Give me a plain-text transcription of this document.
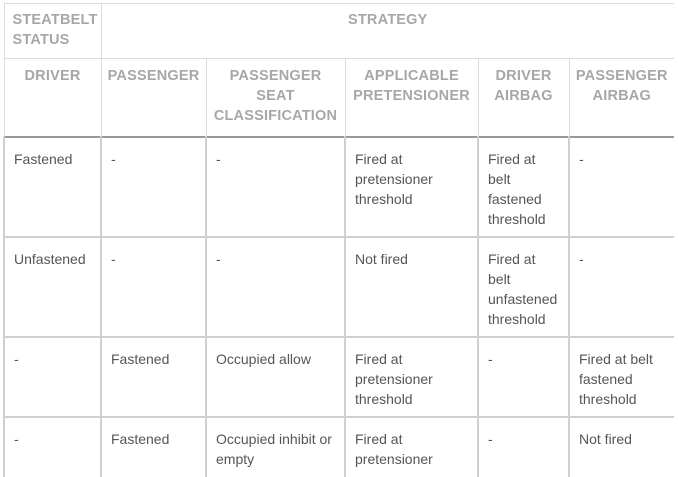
STEATBELT STATUS	STRATEGY				
DRIVER	PASSENGER	PASSENGER SEAT CLASSIFICATION	APPLICABLE PRETENSIONER	DRIVER AIRBAG	PASSENGER AIRBAG
Fastened	-	-	Fired at pretensioner threshold	Fired at belt fastened threshold	-
Unfastened	-	-	Not fired	Fired at belt unfastened threshold	-
-	Fastened	Occupied allow	Fired at pretensioner threshold	-	Fired at belt fastened threshold
-	Fastened	Occupied inhibit or empty	Fired at pretensioner	-	Not fired
